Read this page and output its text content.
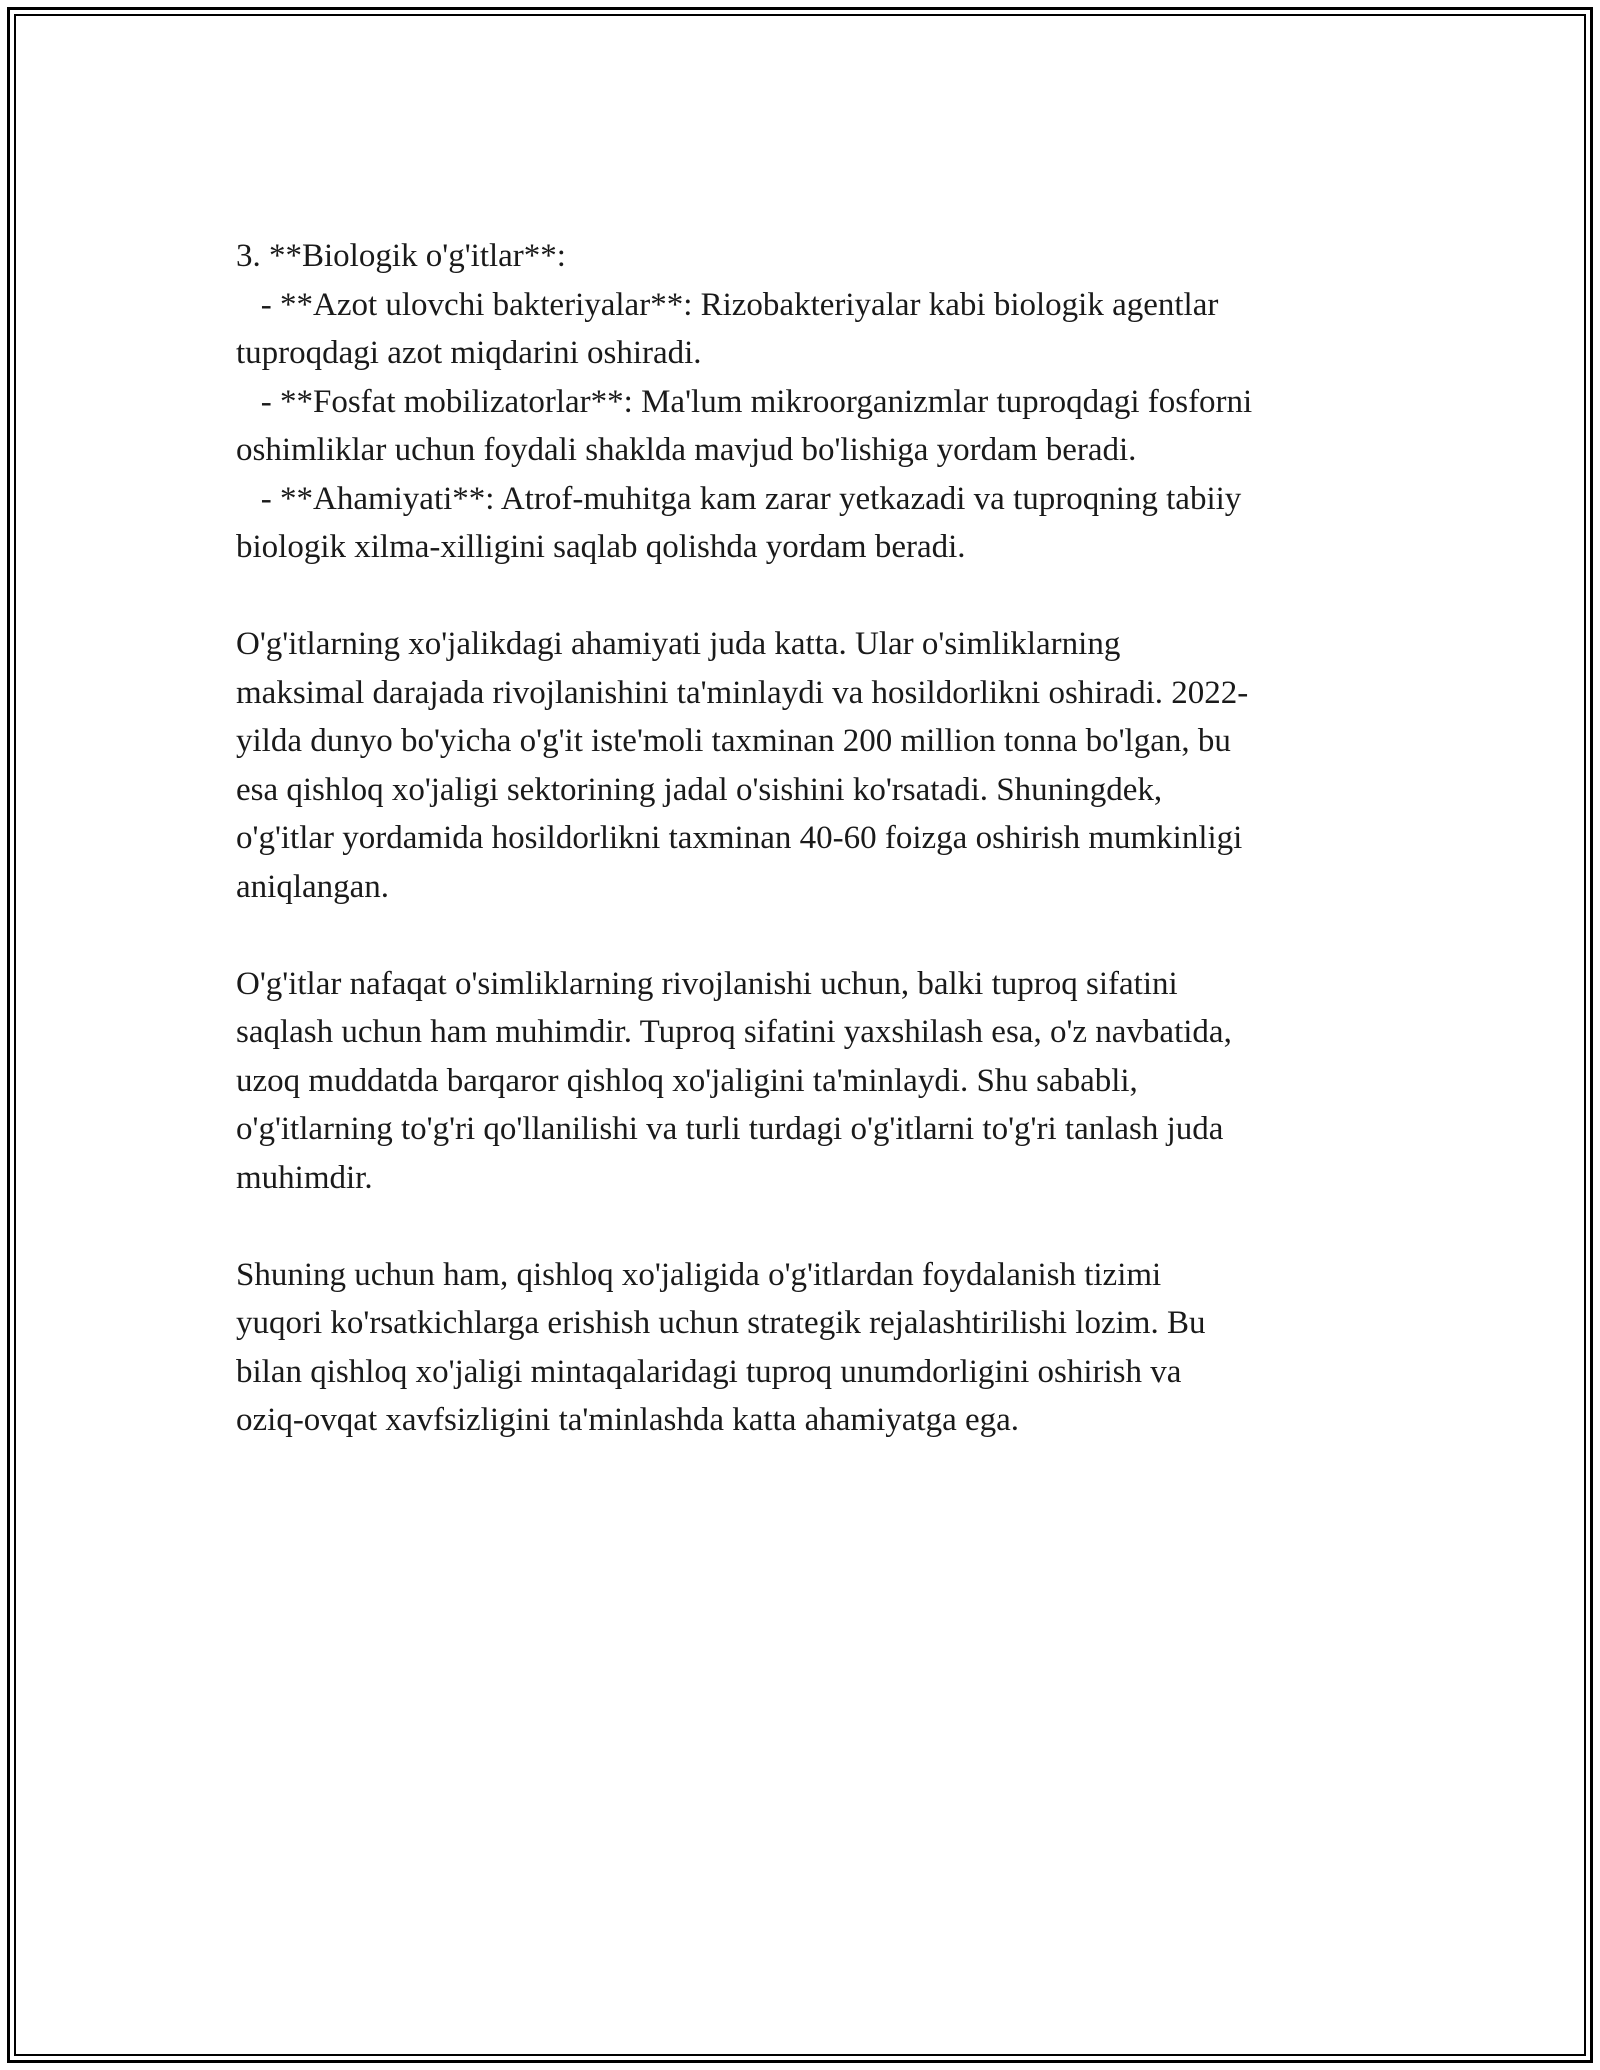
3. **Biologik o'g'itlar**:

- **Azot ulovchi bakteriyalar**: Rizobakteriyalar kabi biologik agentlar

tuproqdagi azot miqdarini oshiradi.

- **Fosfat mobilizatorlar**: Ma'lum mikroorganizmlar tuproqdagi fosforni

oshimliklar uchun foydali shaklda mavjud bo'lishiga yordam beradi.

- **Ahamiyati**: Atrof-muhitga kam zarar yetkazadi va tuproqning tabiiy

biologik xilma-xilligini saqlab qolishda yordam beradi.

O'g'itlarning xo'jalikdagi ahamiyati juda katta. Ular o'simliklarning

maksimal darajada rivojlanishini ta'minlaydi va hosildorlikni oshiradi. 2022-

yilda dunyo bo'yicha o'g'it iste'moli taxminan 200 million tonna bo'lgan, bu

esa qishloq xo'jaligi sektorining jadal o'sishini ko'rsatadi. Shuningdek,

o'g'itlar yordamida hosildorlikni taxminan 40-60 foizga oshirish mumkinligi

aniqlangan.

O'g'itlar nafaqat o'simliklarning rivojlanishi uchun, balki tuproq sifatini

saqlash uchun ham muhimdir. Tuproq sifatini yaxshilash esa, o'z navbatida,

uzoq muddatda barqaror qishloq xo'jaligini ta'minlaydi. Shu sababli,

o'g'itlarning to'g'ri qo'llanilishi va turli turdagi o'g'itlarni to'g'ri tanlash juda

muhimdir.

Shuning uchun ham, qishloq xo'jaligida o'g'itlardan foydalanish tizimi

yuqori ko'rsatkichlarga erishish uchun strategik rejalashtirilishi lozim. Bu

bilan qishloq xo'jaligi mintaqalaridagi tuproq unumdorligini oshirish va

oziq-ovqat xavfsizligini ta'minlashda katta ahamiyatga ega.
